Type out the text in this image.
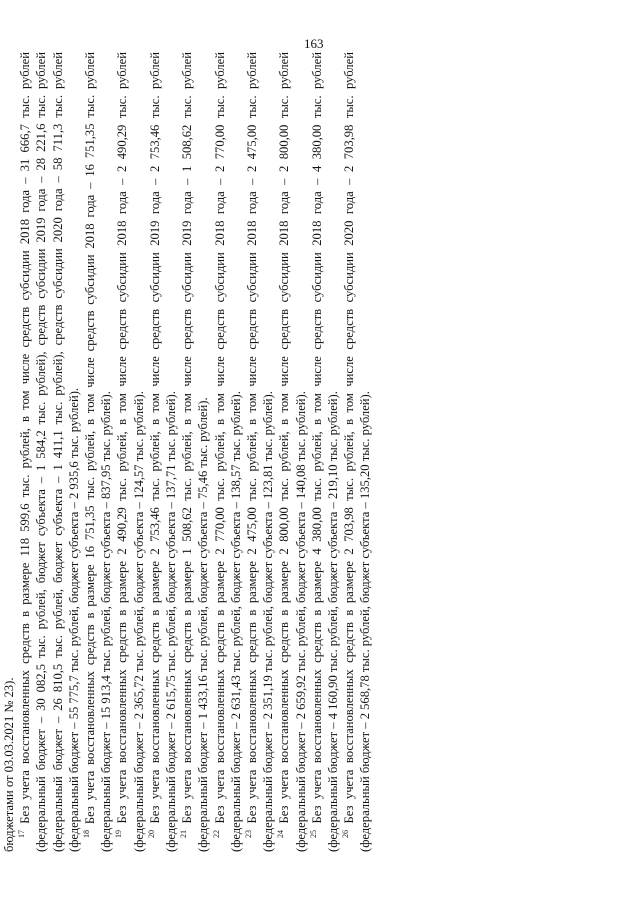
163

бюджетами от 03.03.2021 № 23).

$^{17}$ Без учета восстановленных средств в размере 118 599,6 тыс. рублей, в том числе средств субсидии 2018 года – 31 666,7 тыс. рублей (федеральный бюджет – 30 082,5 тыс. рублей, бюджет субъекта – 1 584,2 тыс. рублей), средств субсидии 2019 года – 28 221,6 тыс. рублей (федеральный бюджет – 26 810,5 тыс. рублей, бюджет субъекта – 1 411,1 тыс. рублей), средств субсидии 2020 года – 58 711,3 тыс. рублей (федеральный бюджет – 55 775,7 тыс. рублей, бюджет субъекта – 2 935,6 тыс. рублей). $^{18}$ Без учета восстановленных средств в размере 16 751,35 тыс. рублей, в том числе средств субсидии 2018 года – 16 751,35 тыс. рублей (федеральный бюджет – 15 913,4 тыс. рублей, бюджет субъекта – 837,95 тыс. рублей). $^{19}$ Без учета восстановленных средств в размере 2 490,29 тыс. рублей, в том числе средств субсидии 2018 года – 2 490,29 тыс. рублей (федеральный бюджет – 2 365,72 тыс. рублей, бюджет субъекта – 124,57 тыс. рублей). $^{20}$ Без учета восстановленных средств в размере 2 753,46 тыс. рублей, в том числе средств субсидии 2019 года – 2 753,46 тыс. рублей (федеральный бюджет – 2 615,75 тыс. рублей, бюджет субъекта – 137,71 тыс. рублей). $^{21}$ Без учета восстановленных средств в размере 1 508,62 тыс. рублей, в том числе средств субсидии 2019 года – 1 508,62 тыс. рублей (федеральный бюджет – 1 433,16 тыс. рублей, бюджет субъекта – 75,46 тыс. рублей). $^{22}$ Без учета восстановленных средств в размере 2 770,00 тыс. рублей, в том числе средств субсидии 2018 года – 2 770,00 тыс. рублей (федеральный бюджет – 2 631,43 тыс. рублей, бюджет субъекта – 138,57 тыс. рублей). $^{23}$ Без учета восстановленных средств в размере 2 475,00 тыс. рублей, в том числе средств субсидии 2018 года – 2 475,00 тыс. рублей (федеральный бюджет – 2 351,19 тыс. рублей, бюджет субъекта – 123,81 тыс. рублей). $^{24}$ Без учета восстановленных средств в размере 2 800,00 тыс. рублей, в том числе средств субсидии 2018 года – 2 800,00 тыс. рублей (федеральный бюджет – 2 659,92 тыс. рублей, бюджет субъекта – 140,08 тыс. рублей). $^{25}$ Без учета восстановленных средств в размере 4 380,00 тыс. рублей, в том числе средств субсидии 2018 года – 4 380,00 тыс. рублей (федеральный бюджет – 4 160,90 тыс. рублей, бюджет субъекта – 219,10 тыс. рублей). $^{26}$ Без учета восстановленных средств в размере 2 703,98 тыс. рублей, в том числе средств субсидии 2020 года – 2 703,98 тыс. рублей (федеральный бюджет – 2 568,78 тыс. рублей, бюджет субъекта – 135,20 тыс. рублей).
